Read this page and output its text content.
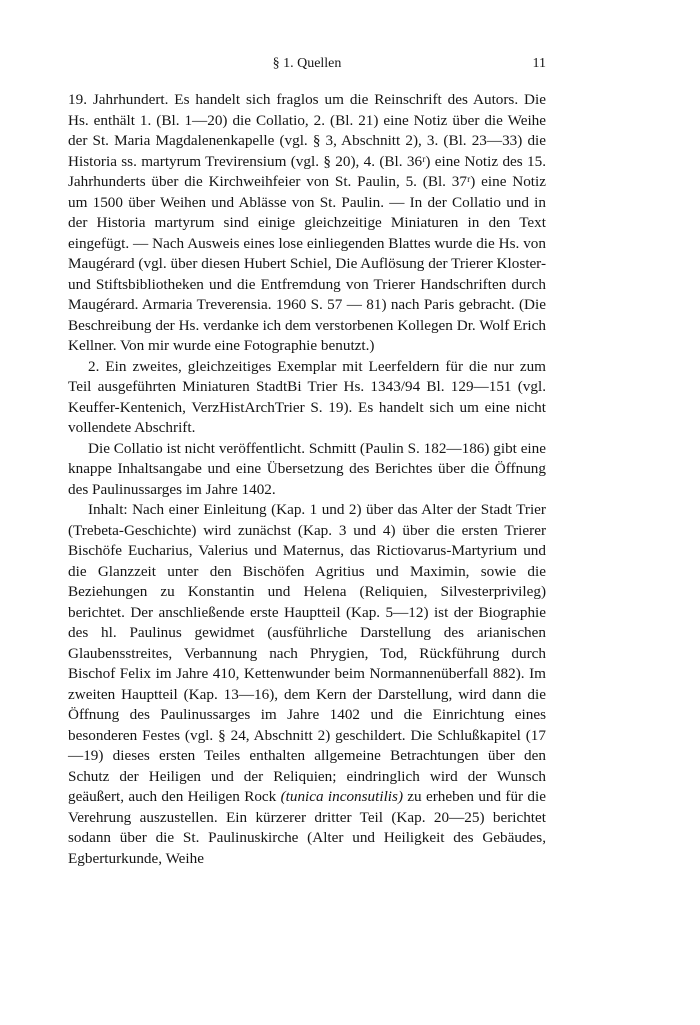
§ 1. Quellen	11

19. Jahrhundert. Es handelt sich fraglos um die Reinschrift des Autors. Die Hs. enthält 1. (Bl. 1—20) die Collatio, 2. (Bl. 21) eine Notiz über die Weihe der St. Maria Magdalenenkapelle (vgl. § 3, Abschnitt 2), 3. (Bl. 23—33) die Historia ss. martyrum Trevirensium (vgl. § 20), 4. (Bl. 36ʳ) eine Notiz des 15. Jahrhunderts über die Kirchweihfeier von St. Paulin, 5. (Bl. 37ʳ) eine Notiz um 1500 über Weihen und Ablässe von St. Paulin. — In der Collatio und in der Historia martyrum sind einige gleichzeitige Miniaturen in den Text eingefügt. — Nach Ausweis eines lose einliegenden Blattes wurde die Hs. von Maugérard (vgl. über diesen Hubert Schiel, Die Auflösung der Trierer Kloster- und Stiftsbibliotheken und die Entfremdung von Trierer Handschriften durch Maugérard. Armaria Treverensia. 1960 S. 57 — 81) nach Paris gebracht. (Die Beschreibung der Hs. verdanke ich dem verstorbenen Kollegen Dr. Wolf Erich Kellner. Von mir wurde eine Fotographie benutzt.)

2. Ein zweites, gleichzeitiges Exemplar mit Leerfeldern für die nur zum Teil ausgeführten Miniaturen StadtBi Trier Hs. 1343/94 Bl. 129—151 (vgl. Keuffer-Kentenich, VerzHistArchTrier S. 19). Es handelt sich um eine nicht vollendete Abschrift.

Die Collatio ist nicht veröffentlicht. Schmitt (Paulin S. 182—186) gibt eine knappe Inhaltsangabe und eine Übersetzung des Berichtes über die Öffnung des Paulinussarges im Jahre 1402.

Inhalt: Nach einer Einleitung (Kap. 1 und 2) über das Alter der Stadt Trier (Trebeta-Geschichte) wird zunächst (Kap. 3 und 4) über die ersten Trierer Bischöfe Eucharius, Valerius und Maternus, das Rictiovarus-Martyrium und die Glanzzeit unter den Bischöfen Agritius und Maximin, sowie die Beziehungen zu Konstantin und Helena (Reliquien, Silvesterprivileg) berichtet. Der anschließende erste Hauptteil (Kap. 5—12) ist der Biographie des hl. Paulinus gewidmet (ausführliche Darstellung des arianischen Glaubensstreites, Verbannung nach Phrygien, Tod, Rückführung durch Bischof Felix im Jahre 410, Kettenwunder beim Normannenüberfall 882). Im zweiten Hauptteil (Kap. 13—16), dem Kern der Darstellung, wird dann die Öffnung des Paulinussarges im Jahre 1402 und die Einrichtung eines besonderen Festes (vgl. § 24, Abschnitt 2) geschildert. Die Schlußkapitel (17—19) dieses ersten Teiles enthalten allgemeine Betrachtungen über den Schutz der Heiligen und der Reliquien; eindringlich wird der Wunsch geäußert, auch den Heiligen Rock (tunica inconsutilis) zu erheben und für die Verehrung auszustellen. Ein kürzerer dritter Teil (Kap. 20—25) berichtet sodann über die St. Paulinuskirche (Alter und Heiligkeit des Gebäudes, Egberturkunde, Weihe
